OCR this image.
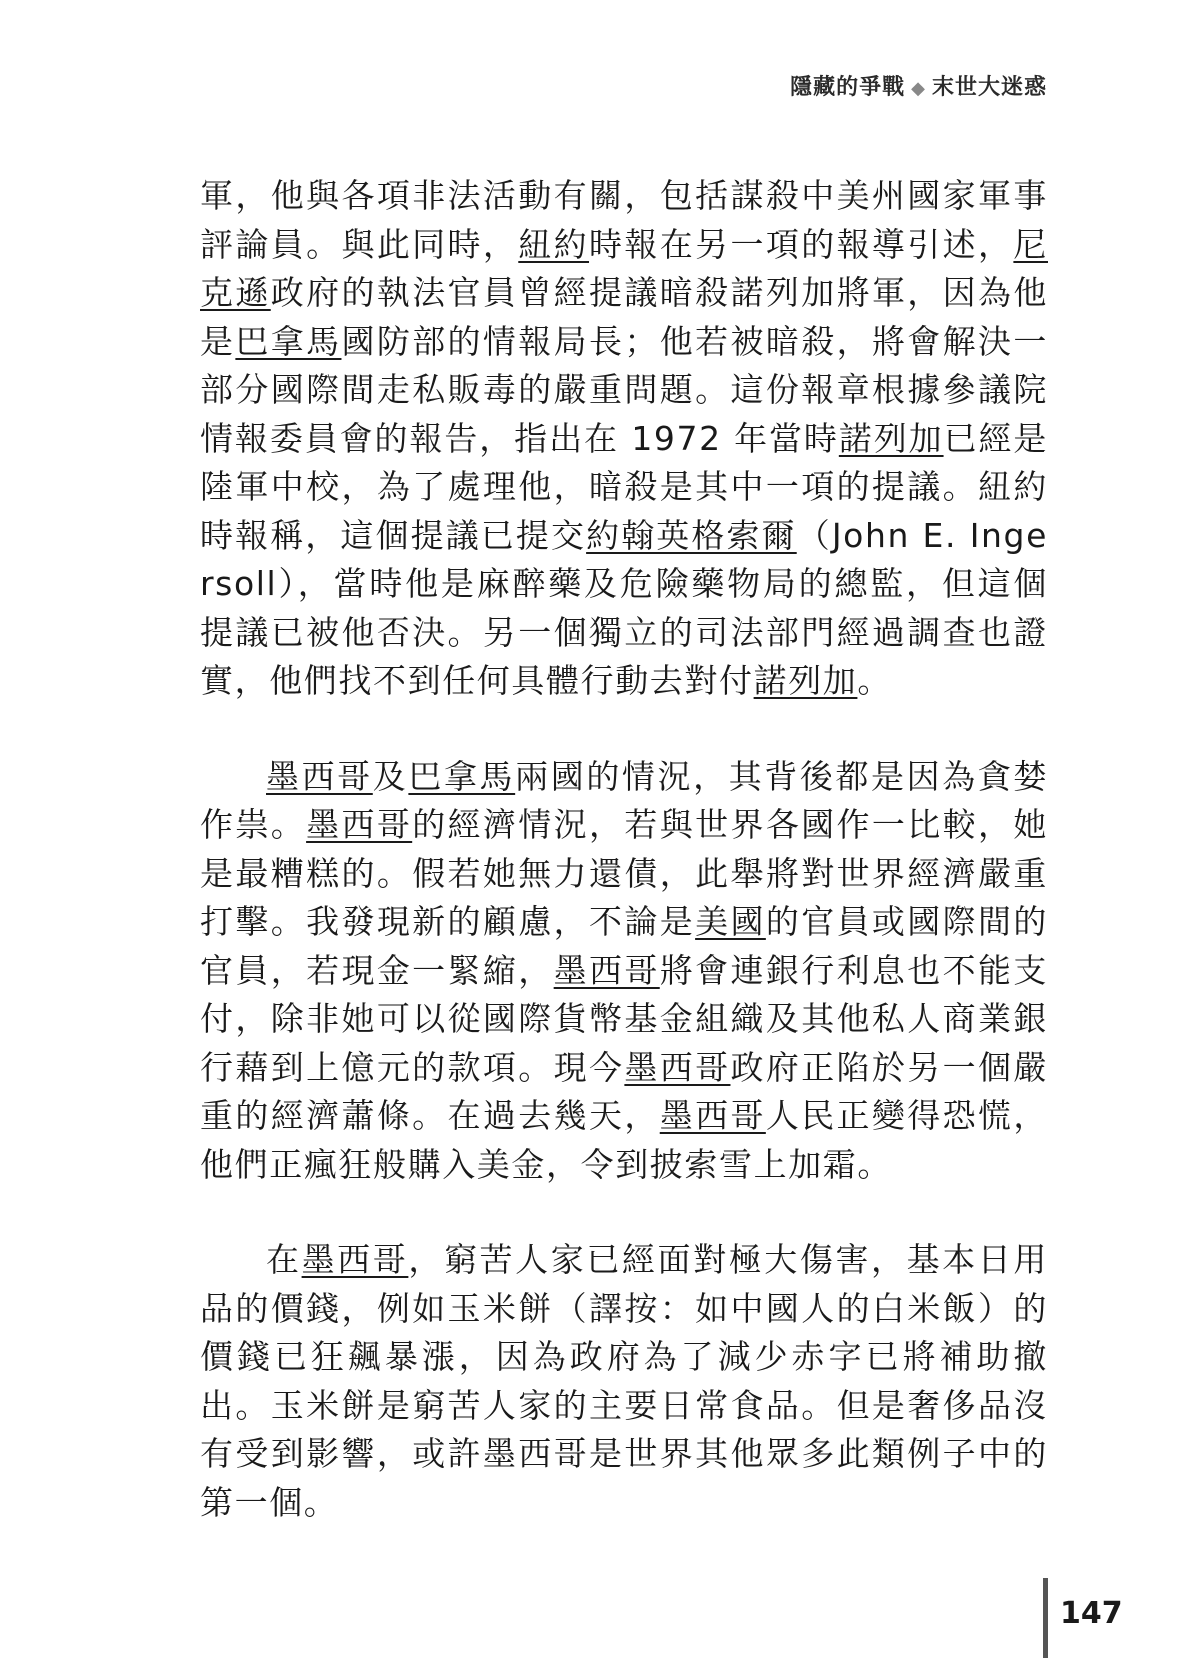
隱藏的爭戰 ◆ 末世大迷惑

軍，他與各項非法活動有關，包括謀殺中美州國家軍事評論員。與此同時，紐約時報在另一項的報導引述，尼克遜政府的執法官員曾經提議暗殺諾列加將軍，因為他是巴拿馬國防部的情報局長；他若被暗殺，將會解決一部分國際間走私販毒的嚴重問題。這份報章根據參議院情報委員會的報告，指出在 1972 年當時諾列加已經是陸軍中校，為了處理他，暗殺是其中一項的提議。紐約時報稱，這個提議已提交約翰英格索爾（John E. Ingersoll），當時他是麻醉藥及危險藥物局的總監，但這個提議已被他否決。另一個獨立的司法部門經過調查也證實，他們找不到任何具體行動去對付諾列加。

墨西哥及巴拿馬兩國的情況，其背後都是因為貪婪作祟。墨西哥的經濟情況，若與世界各國作一比較，她是最糟糕的。假若她無力還債，此舉將對世界經濟嚴重打擊。我發現新的顧慮，不論是美國的官員或國際間的官員，若現金一緊縮，墨西哥將會連銀行利息也不能支付，除非她可以從國際貨幣基金組織及其他私人商業銀行藉到上億元的款項。現今墨西哥政府正陷於另一個嚴重的經濟蕭條。在過去幾天，墨西哥人民正變得恐慌，他們正瘋狂般購入美金，令到披索雪上加霜。

在墨西哥，窮苦人家已經面對極大傷害，基本日用品的價錢，例如玉米餅（譯按：如中國人的白米飯）的價錢已狂飆暴漲，因為政府為了減少赤字已將補助撤出。玉米餅是窮苦人家的主要日常食品。但是奢侈品沒有受到影響，或許墨西哥是世界其他眾多此類例子中的第一個。

147
